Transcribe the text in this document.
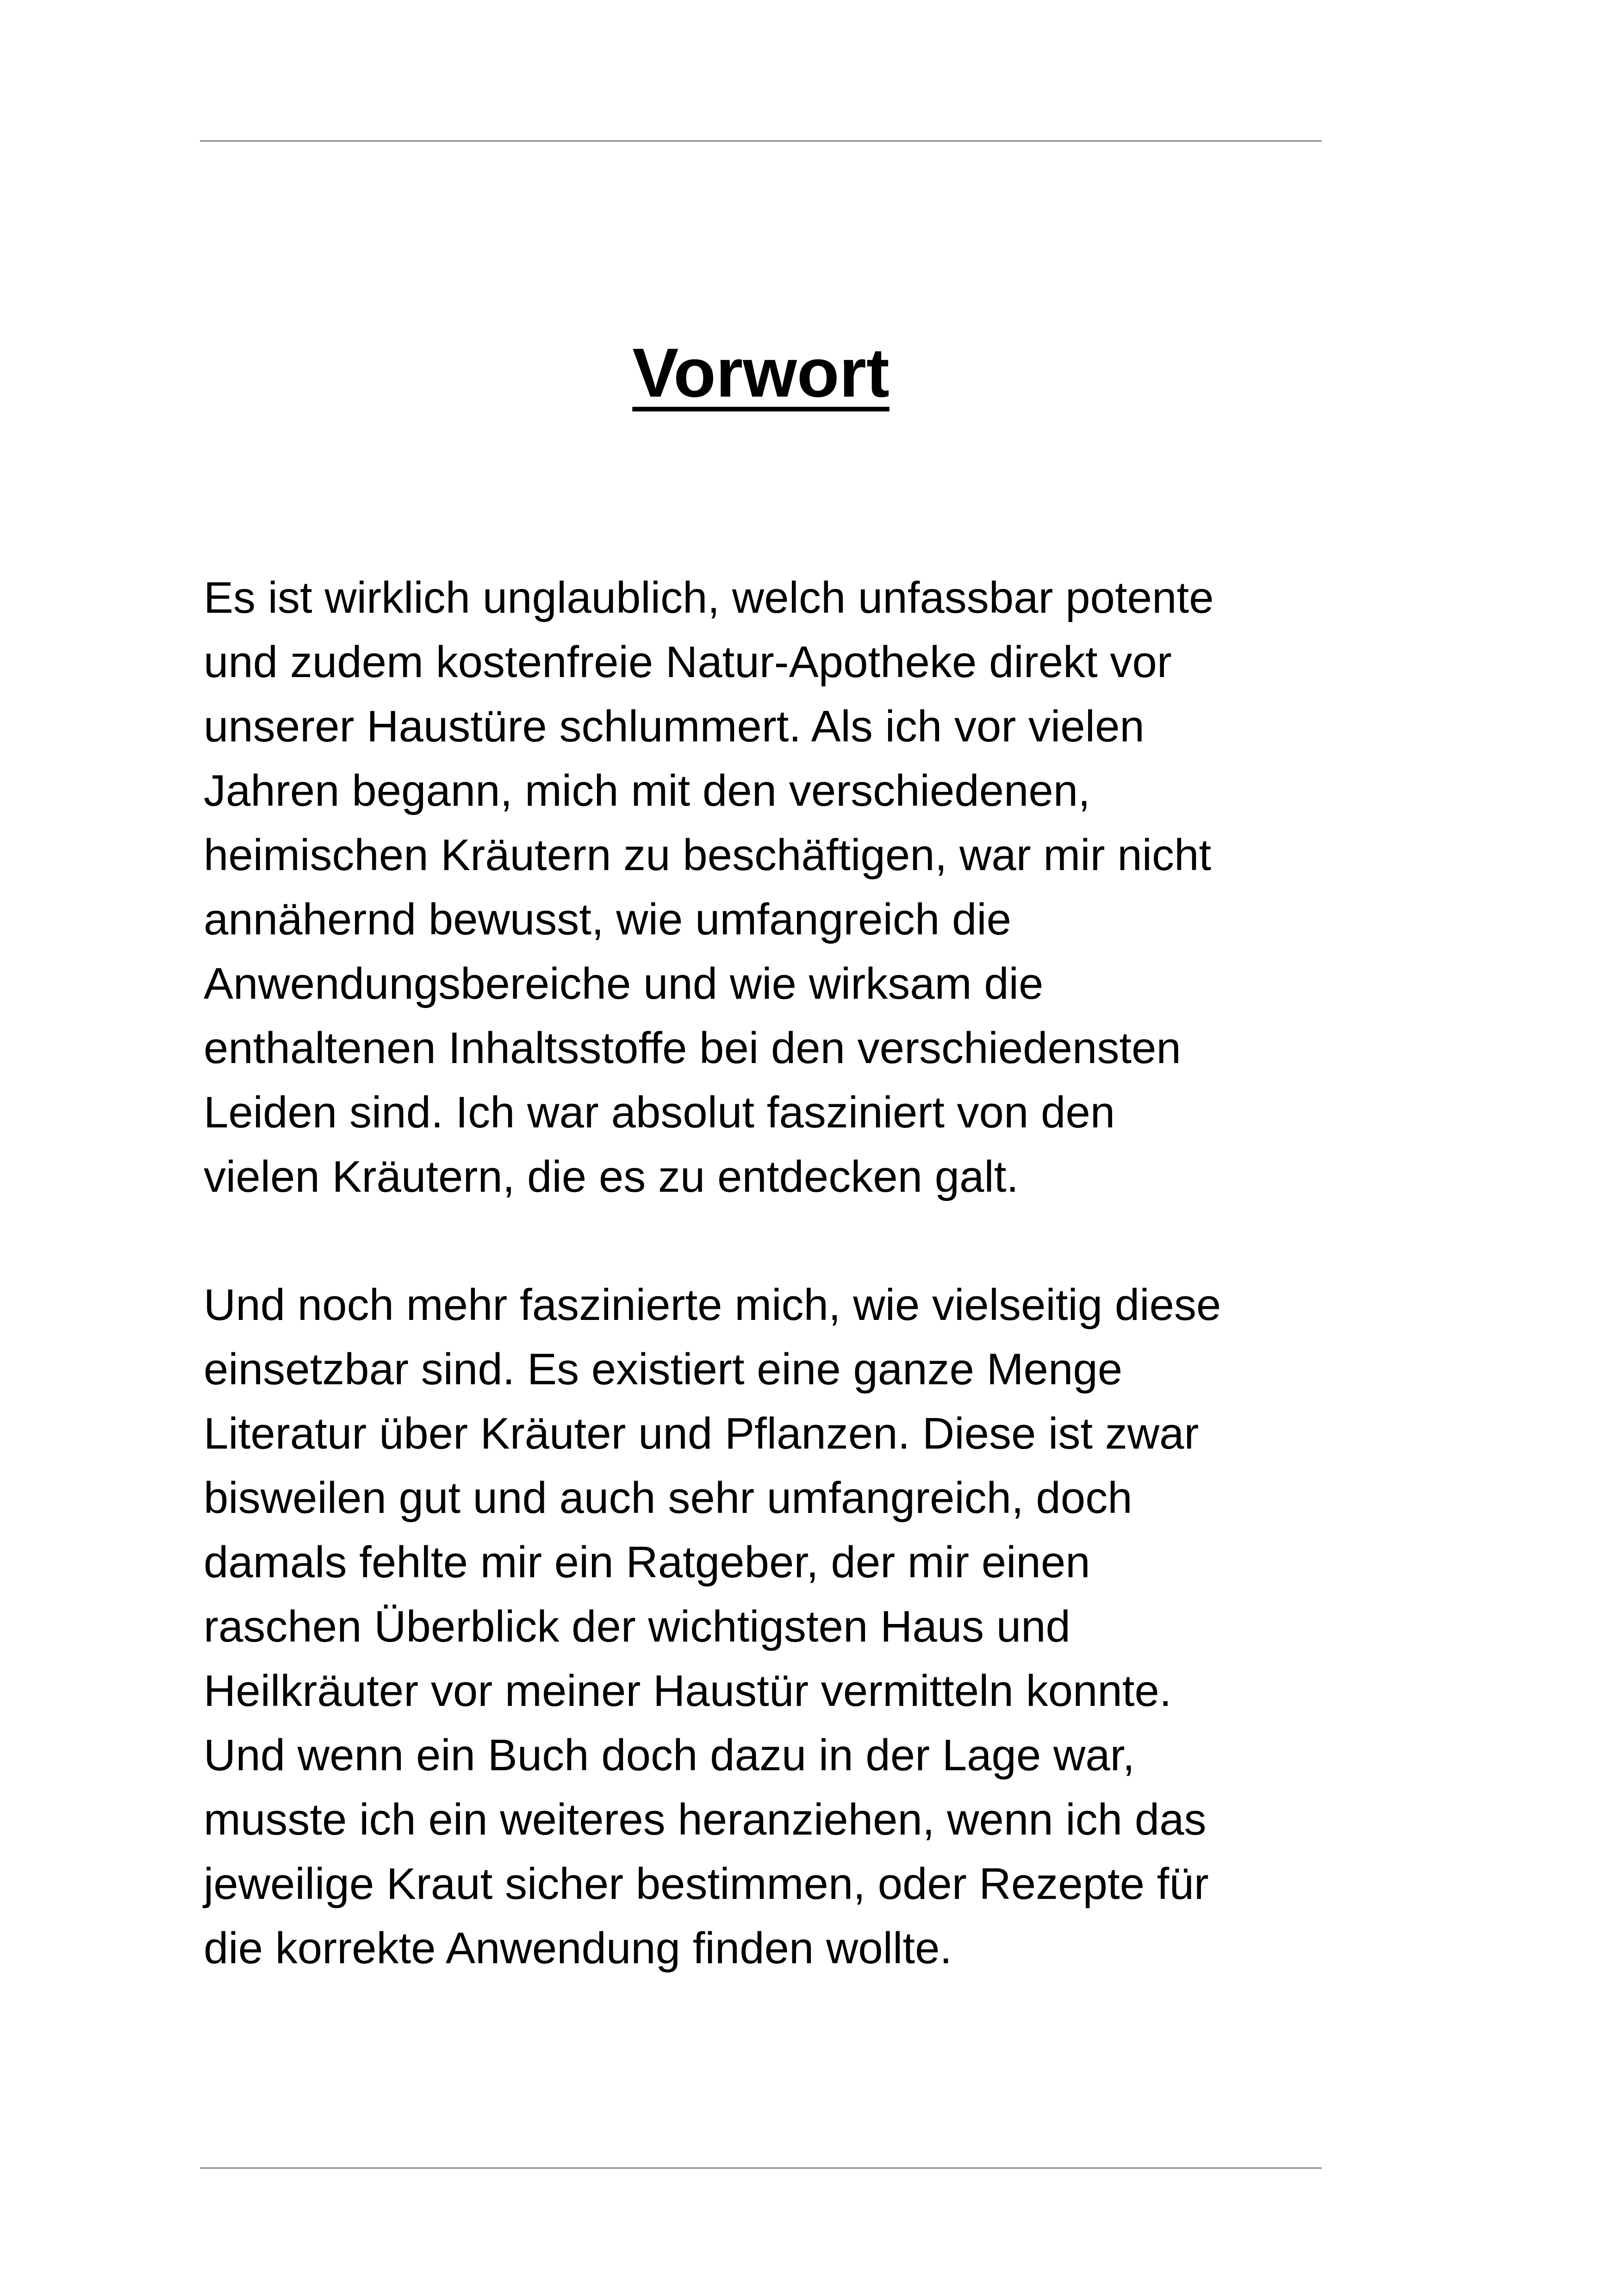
Vorwort

Es ist wirklich unglaublich, welch unfassbar potente
und zudem kostenfreie Natur-Apotheke direkt vor
unserer Haustüre schlummert. Als ich vor vielen
Jahren begann, mich mit den verschiedenen,
heimischen Kräutern zu beschäftigen, war mir nicht
annähernd bewusst, wie umfangreich die
Anwendungsbereiche und wie wirksam die
enthaltenen Inhaltsstoffe bei den verschiedensten
Leiden sind. Ich war absolut fasziniert von den
vielen Kräutern, die es zu entdecken galt.

Und noch mehr faszinierte mich, wie vielseitig diese
einsetzbar sind. Es existiert eine ganze Menge
Literatur über Kräuter und Pflanzen. Diese ist zwar
bisweilen gut und auch sehr umfangreich, doch
damals fehlte mir ein Ratgeber, der mir einen
raschen Überblick der wichtigsten Haus und
Heilkräuter vor meiner Haustür vermitteln konnte.
Und wenn ein Buch doch dazu in der Lage war,
musste ich ein weiteres heranziehen, wenn ich das
jeweilige Kraut sicher bestimmen, oder Rezepte für
die korrekte Anwendung finden wollte.
